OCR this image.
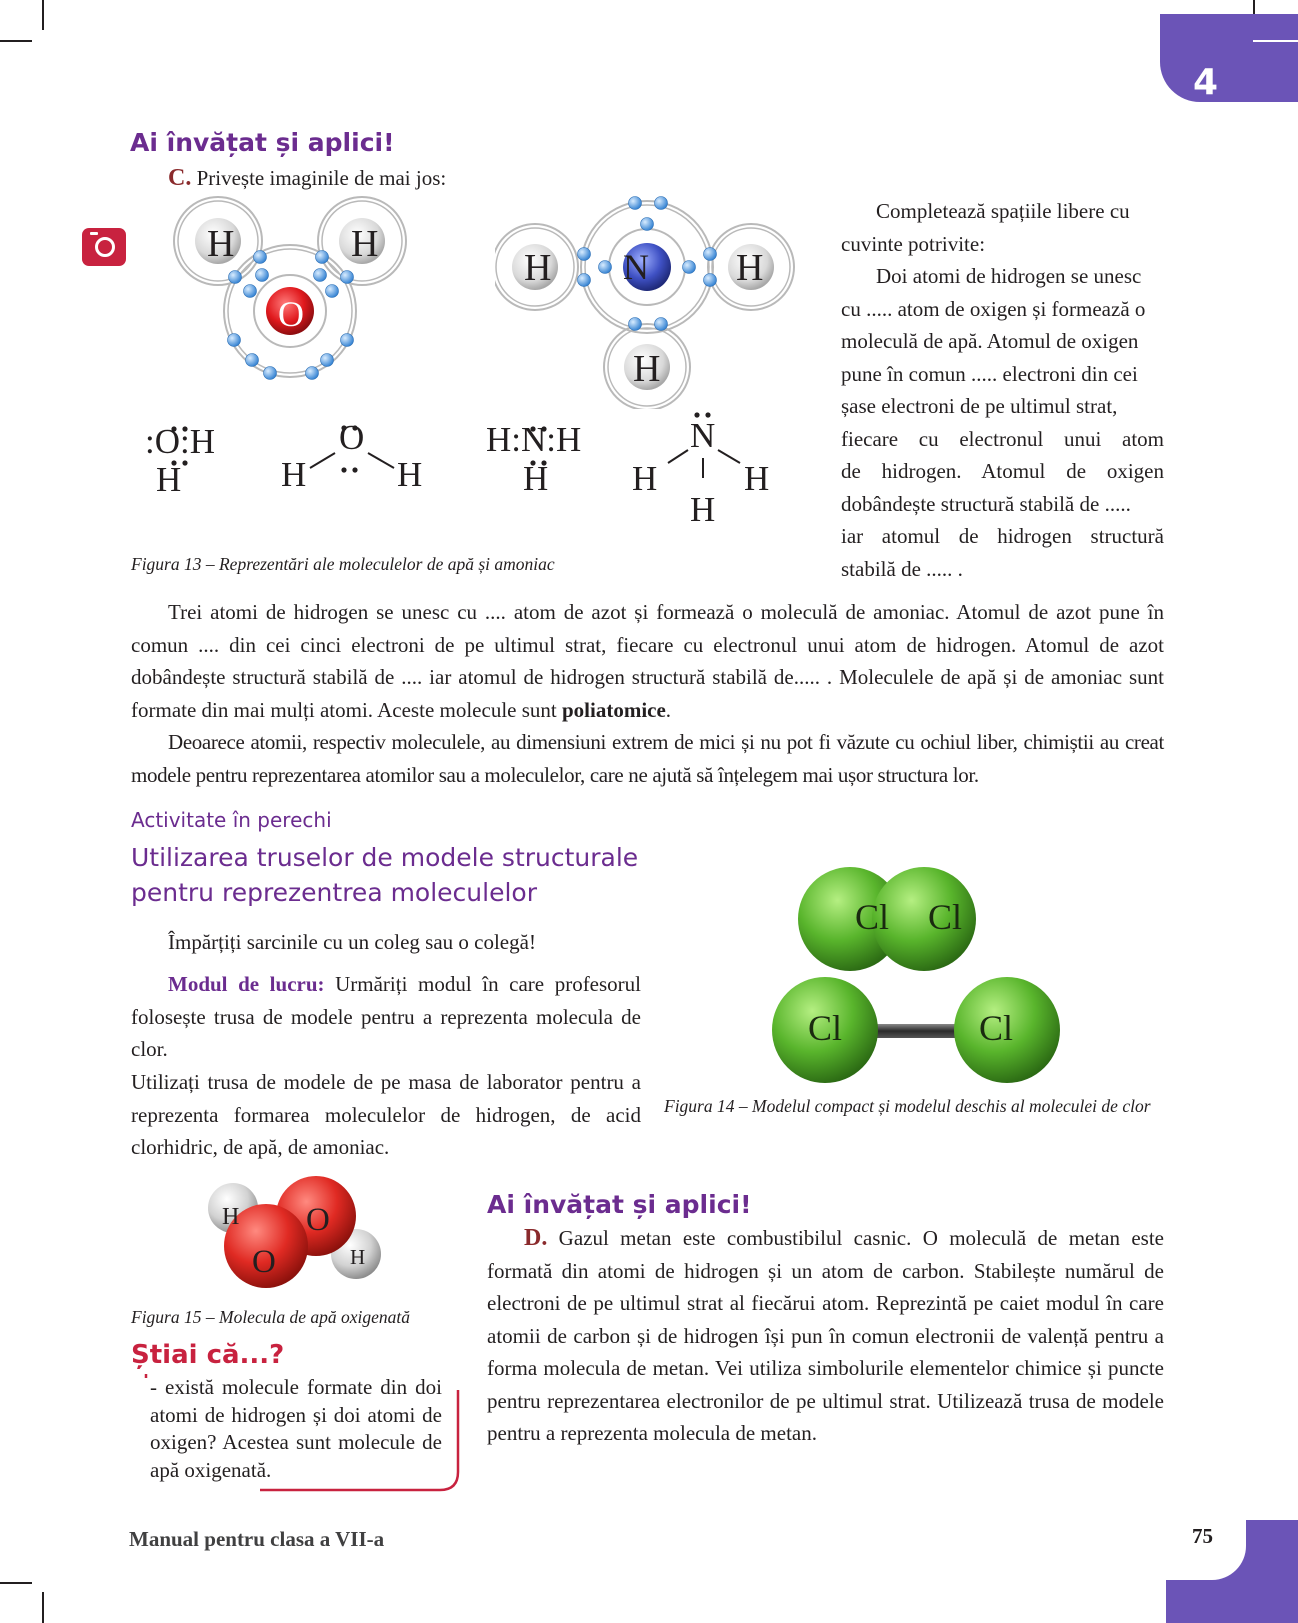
4
Ai învățat și aplici!
C. Privește imaginile de mai jos:
H	H
O
H N H
H
:O:H
H
O
H	H
H:N:H
H
N
H H
H
Figura 13 – Reprezentări ale moleculelor de apă și amoniac
Completează spațiile libere cu
cuvinte potrivite:
Doi atomi de hidrogen se unesc
cu ..... atom de oxigen și formează o
moleculă de apă. Atomul de oxigen
pune în comun ..... electroni din cei
șase electroni de pe ultimul strat,
fiecare cu electronul unui atom
de hidrogen. Atomul de oxigen
dobândește structură stabilă de .....
iar atomul de hidrogen structură
stabilă de ..... .
Trei atomi de hidrogen se unesc cu .... atom de azot și formează o moleculă de amoniac. Atomul de azot pune în comun .... din cei cinci electroni de pe ultimul strat, fiecare cu electronul unui atom de hidrogen. Atomul de azot dobândește structură stabilă de .... iar atomul de hidrogen structură stabilă de..... . Moleculele de apă și de amoniac sunt formate din mai mulți atomi. Aceste molecule sunt poliatomice.
Deoarece atomii, respectiv moleculele, au dimensiuni extrem de mici și nu pot fi văzute cu ochiul liber, chimiștii au creat modele pentru reprezentarea atomilor sau a moleculelor, care ne ajută să înțelegem mai ușor structura lor.
Activitate în perechi
Utilizarea truselor de modele structurale
pentru reprezentrea moleculelor
Împărțiți sarcinile cu un coleg sau o colegă!
Modul de lucru: Urmăriți modul în care profesorul folosește trusa de modele pentru a reprezenta molecula de clor.
Utilizați trusa de modele de pe masa de laborator pentru a reprezenta formarea moleculelor de hidrogen, de acid clorhidric, de apă, de amoniac.
Cl Cl
Cl	Cl
Figura 14 – Modelul compact și modelul deschis al moleculei de clor
H O
O	H
Figura 15 – Molecula de apă oxigenată
Știai că...?
- există molecule formate din doi atomi de hidrogen și doi atomi de oxigen? Acestea sunt molecule de apă oxigenată.
Ai învățat și aplici!
D. Gazul metan este combustibilul casnic. O moleculă de metan este formată din atomi de hidrogen și un atom de carbon. Stabilește numărul de electroni de pe ultimul strat al fiecărui atom. Reprezintă pe caiet modul în care atomii de carbon și de hidrogen își pun în comun electronii de valență pentru a forma molecula de metan. Vei utiliza simbolurile elementelor chimice și puncte pentru reprezentarea electronilor de pe ultimul strat. Utilizează trusa de modele pentru a reprezenta molecula de metan.
Manual pentru clasa a VII-a	75
